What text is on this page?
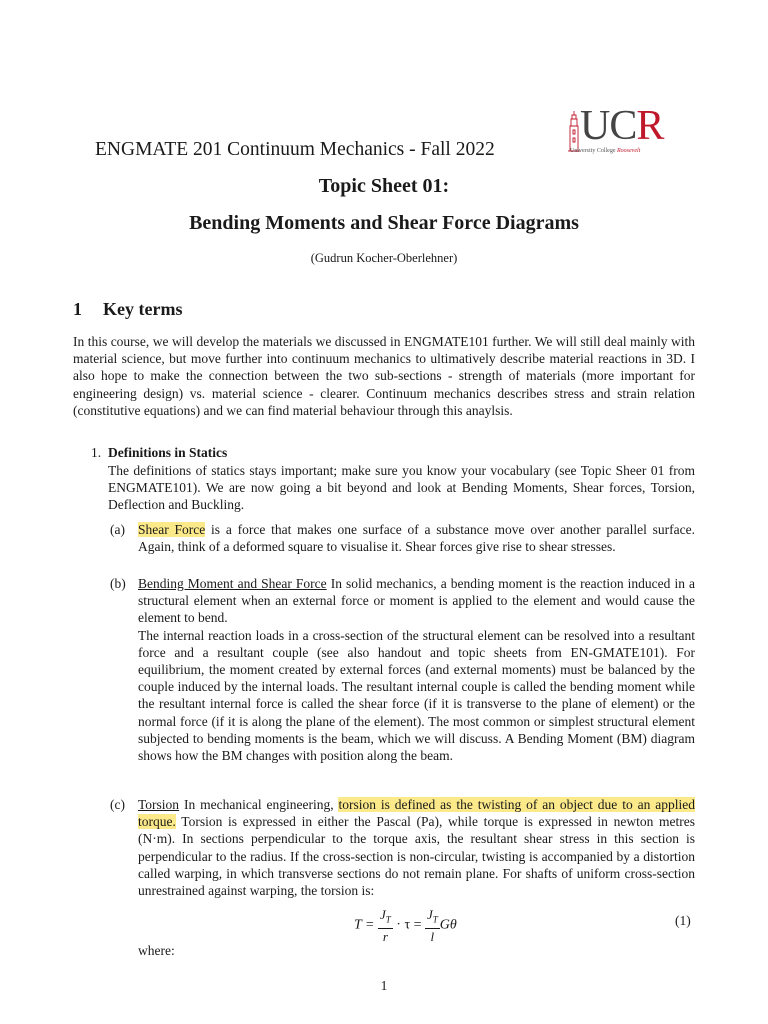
UCR
University College Roosevelt
ENGMATE 201 Continuum Mechanics - Fall 2022
Topic Sheet 01:
Bending Moments and Shear Force Diagrams
(Gudrun Kocher-Oberlehner)
1 Key terms
In this course, we will develop the materials we discussed in ENGMATE101 further. We will still deal mainly with material science, but move further into continuum mechanics to ultimatively describe material reactions in 3D. I also hope to make the connection between the two sub-sections - strength of materials (more important for engineering design) vs. material science - clearer. Continuum mechanics describes stress and strain relation (constitutive equations) and we can find material behaviour through this anaylsis.
1. Definitions in Statics
The definitions of statics stays important; make sure you know your vocabulary (see Topic Sheer 01 from ENGMATE101). We are now going a bit beyond and look at Bending Moments, Shear forces, Torsion, Deflection and Buckling.
(a) Shear Force is a force that makes one surface of a substance move over another parallel surface. Again, think of a deformed square to visualise it. Shear forces give rise to shear stresses.
(b) Bending Moment and Shear Force In solid mechanics, a bending moment is the reaction induced in a structural element when an external force or moment is applied to the element and would cause the element to bend.
The internal reaction loads in a cross-section of the structural element can be resolved into a resultant force and a resultant couple (see also handout and topic sheets from EN-GMATE101). For equilibrium, the moment created by external forces (and external moments) must be balanced by the couple induced by the internal loads. The resultant internal couple is called the bending moment while the resultant internal force is called the shear force (if it is transverse to the plane of element) or the normal force (if it is along the plane of the element). The most common or simplest structural element subjected to bending moments is the beam, which we will discuss. A Bending Moment (BM) diagram shows how the BM changes with position along the beam.
(c) Torsion In mechanical engineering, torsion is defined as the twisting of an object due to an applied torque. Torsion is expressed in either the Pascal (Pa), while torque is expressed in newton metres (N·m). In sections perpendicular to the torque axis, the resultant shear stress in this section is perpendicular to the radius. If the cross-section is non-circular, twisting is accompanied by a distortion called warping, in which transverse sections do not remain plane. For shafts of uniform cross-section unrestrained against warping, the torsion is:
$T = \frac{J_T}{r} \cdot \tau = \frac{J_T}{l}$ Gθ	(1)
where:
1
